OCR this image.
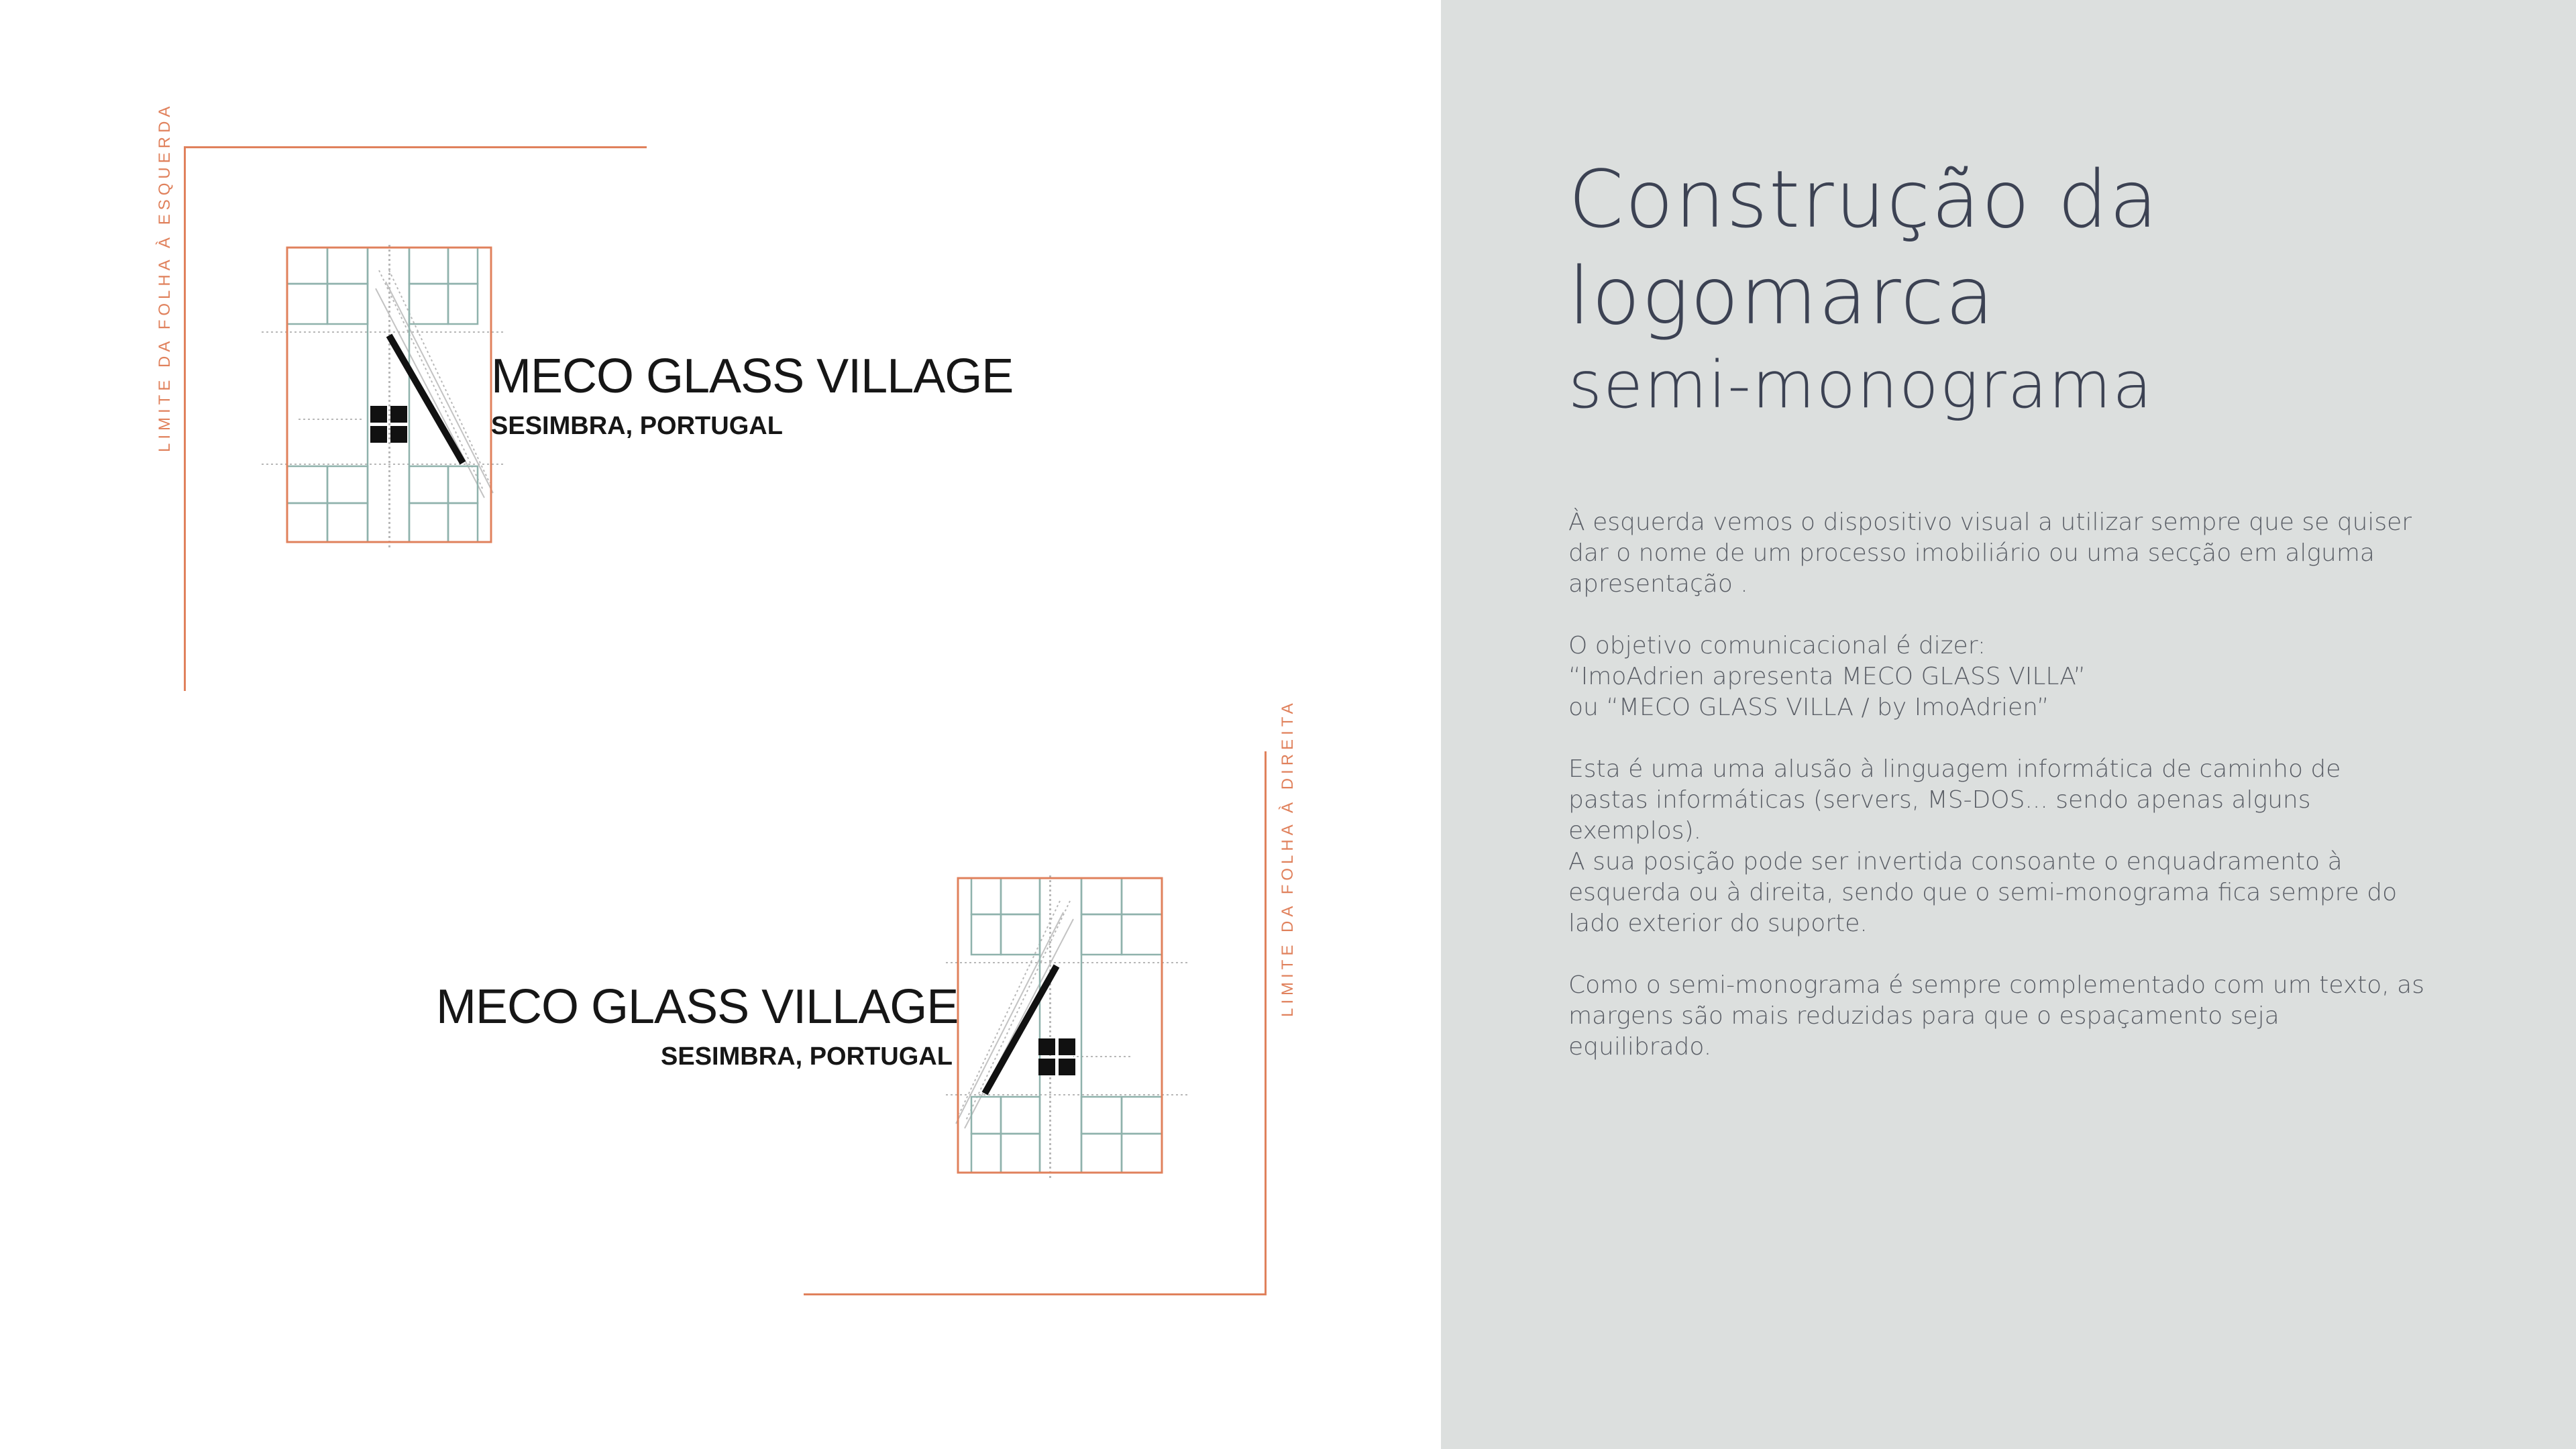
Construção da
logomarca
semi-monograma

À esquerda vemos o dispositivo visual a utilizar sempre que se quiser dar o nome de um processo imobiliário ou uma secção em alguma apresentação .

O objetivo comunicacional é dizer:
“ImoAdrien apresenta MECO GLASS VILLA”
ou “MECO GLASS VILLA / by ImoAdrien”

Esta é uma uma alusão à linguagem informática de caminho de pastas informáticas (servers, MS-DOS... sendo apenas alguns exemplos).
A sua posição pode ser invertida consoante o enquadramento à esquerda ou à direita, sendo que o semi-monograma fica sempre do lado exterior do suporte.

Como o semi-monograma é sempre complementado com um texto, as margens são mais reduzidas para que o espaçamento seja equilibrado.

LIMITE DA FOLHA À ESQUERDA	MECO GLASS VILLAGE
SESIMBRA, PORTUGAL
LIMITE DA FOLHA À DIREITA
MECO GLASS VILLAGE
SESIMBRA, PORTUGAL
